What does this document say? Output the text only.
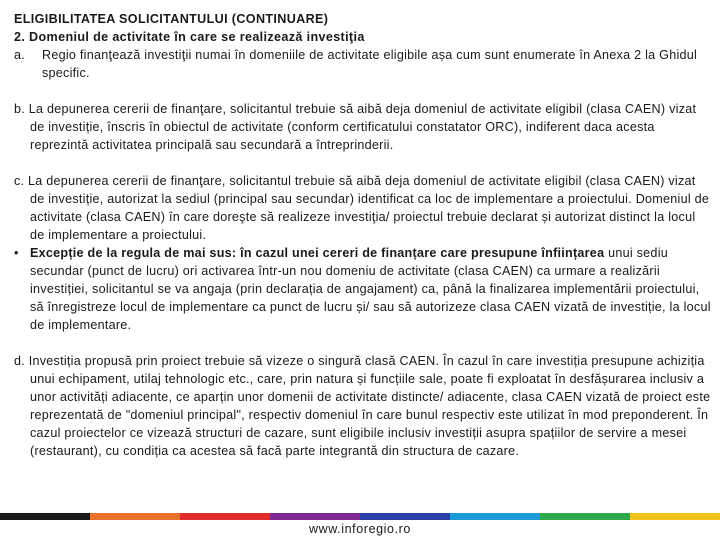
ELIGIBILITATEA SOLICITANTULUI (CONTINUARE)
2. Domeniul de activitate în care se realizează investiţia
a.	Regio finanţează investiţii numai în domeniile de activitate eligibile așa cum sunt enumerate în Anexa 2 la Ghidul specific.
b. La depunerea cererii de finanţare, solicitantul trebuie să aibă deja domeniul de activitate eligibil (clasa CAEN) vizat de investiție, înscris în obiectul de activitate (conform certificatului constatator ORC), indiferent daca acesta reprezintă activitatea principală sau secundară a întreprinderii.
c. La depunerea cererii de finanţare, solicitantul trebuie să aibă deja domeniul de activitate eligibil (clasa CAEN) vizat de investiție, autorizat la sediul (principal sau secundar) identificat ca loc de implementare a proiectului. Domeniul de activitate (clasa CAEN) în care doreşte să realizeze investiţia/ proiectul trebuie declarat și autorizat distinct la locul de implementare a proiectului.
• Excepție de la regula de mai sus: în cazul unei cereri de finanțare care presupune înființarea unui sediu secundar (punct de lucru) ori activarea într-un nou domeniu de activitate (clasa CAEN) ca urmare a realizării investiției, solicitantul se va angaja (prin declarația de angajament) ca, până la finalizarea implementării proiectului, să înregistreze locul de implementare ca punct de lucru și/ sau să autorizeze clasa CAEN vizată de investiție, la locul de implementare.
d. Investiția propusă prin proiect trebuie să vizeze o singură clasă CAEN. În cazul în care investiția presupune achiziția unui echipament, utilaj tehnologic etc., care, prin natura și funcțiile sale, poate fi exploatat în desfășurarea inclusiv a unor activități adiacente, ce aparțin unor domenii de activitate distincte/ adiacente, clasa CAEN vizată de proiect este reprezentată de "domeniul principal", respectiv domeniul în care bunul respectiv este utilizat în mod preponderent. În cazul proiectelor ce vizează structuri de cazare, sunt eligibile inclusiv investiții asupra spațiilor de servire a mesei (restaurant), cu condiția ca acestea să facă parte integrantă din structura de cazare.
www.inforegio.ro
